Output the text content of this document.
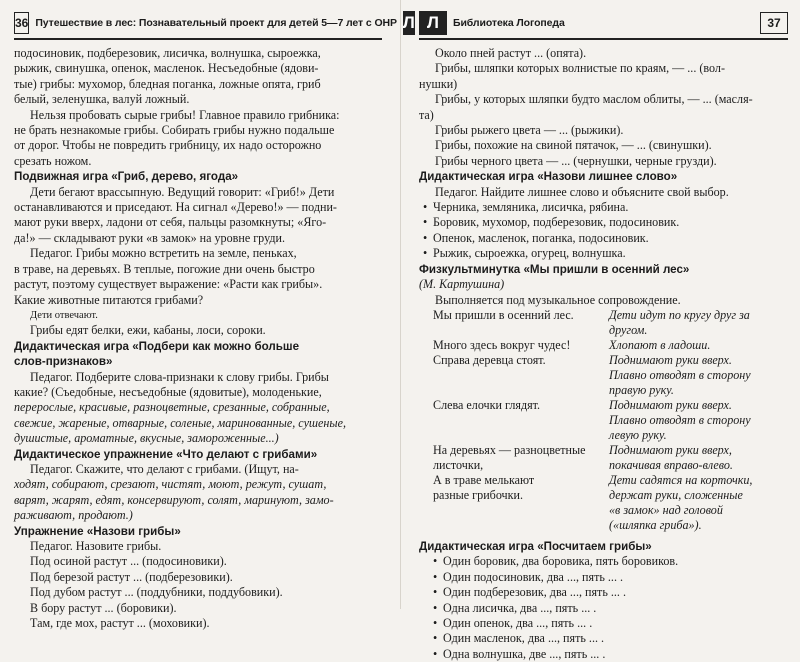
36 Путешествие в лес: Познавательный проект для детей 5—7 лет с ОНР Л

подосиновик, подберезовик, лисичка, волнушка, сыроежка,

рыжик, свинушка, опенок, масленок. Несъедобные (ядови-

тые) грибы: мухомор, бледная поганка, ложные опята, гриб

белый, зеленушка, валуй ложный.

Нельзя пробовать сырые грибы! Главное правило грибника:

не брать незнакомые грибы. Собирать грибы нужно подальше

от дорог. Чтобы не повредить грибницу, их надо осторожно

срезать ножом.

Подвижная игра «Гриб, дерево, ягода»

Дети бегают врассыпную. Ведущий говорит: «Гриб!» Дети

останавливаются и приседают. На сигнал «Дерево!» — подни-

мают руки вверх, ладони от себя, пальцы разомкнуты; «Яго-

да!» — складывают руки «в замок» на уровне груди.

Педагог. Грибы можно встретить на земле, пеньках,

в траве, на деревьях. В теплые, погожие дни очень быстро

растут, поэтому существует выражение: «Расти как грибы».

Какие животные питаются грибами?

Дети отвечают.

Грибы едят белки, ежи, кабаны, лоси, сороки.

Дидактическая игра «Подбери как можно больше

слов-признаков»

Педагог. Подберите слова-признаки к слову грибы. Грибы

какие? (Съедобные, несъедобные (ядовитые), молоденькие,

перерослые, красивые, разноцветные, срезанные, собранные,

свежие, жареные, отварные, соленые, маринованные, сушеные,

душистые, ароматные, вкусные, замороженные...)

Дидактическое упражнение «Что делают с грибами»

Педагог. Скажите, что делают с грибами. (Ищут, на-

ходят, собирают, срезают, чистят, моют, режут, сушат,

варят, жарят, едят, консервируют, солят, маринуют, замо-

раживают, продают.)

Упражнение «Назови грибы»

Педагог. Назовите грибы.

Под осиной растут ... (подосиновики).

Под березой растут ... (подберезовики).

Под дубом растут ... (поддубники, поддубовики).

В бору растут ... (боровики).

Там, где мох, растут ... (моховики).

Л	Библиотека Логопеда	37

Около пней растут ... (опята).

Грибы, шляпки которых волнистые по краям, — ... (вол-

нушки)

Грибы, у которых шляпки будто маслом облиты, — ... (масля-

та)

Грибы рыжего цвета — ... (рыжики).

Грибы, похожие на свиной пятачок, — ... (свинушки).

Грибы черного цвета — ... (чернушки, черные грузди).

Дидактическая игра «Назови лишнее слово»

Педагог. Найдите лишнее слово и объясните свой выбор.

• Черника, земляника, лисичка, рябина.
• Боровик, мухомор, подберезовик, подосиновик.
• Опенок, масленок, поганка, подосиновик.
• Рыжик, сыроежка, огурец, волнушка.

Физкультминутка «Мы пришли в осенний лес»

(М. Картушина)

Выполняется под музыкальное сопровождение.

Мы пришли в осенний лес.	Дети идут по кругу друг за
другом.
Много здесь вокруг чудес!	Хлопают в ладоши.
Справа деревца стоят.	Поднимают руки вверх.
Плавно отводят в сторону
правую руку.
Слева елочки глядят.	Поднимают руки вверх.
Плавно отводят в сторону
левую руку.
На деревьях — разноцветные	Поднимают руки вверх,
листочки,	покачивая вправо-влево.
А в траве мелькают	Дети садятся на корточки,
разные грибочки.	держат руки, сложенные
«в замок» над головой
(«шляпка гриба»).

Дидактическая игра «Посчитаем грибы»

• Один боровик, два боровика, пять боровиков.
• Один подосиновик, два ..., пять ... .
• Один подберезовик, два ..., пять ... .
• Одна лисичка, два ..., пять ... .
• Один опенок, два ..., пять ... .
• Один масленок, два ..., пять ... .
• Одна волнушка, две ..., пять ... .
